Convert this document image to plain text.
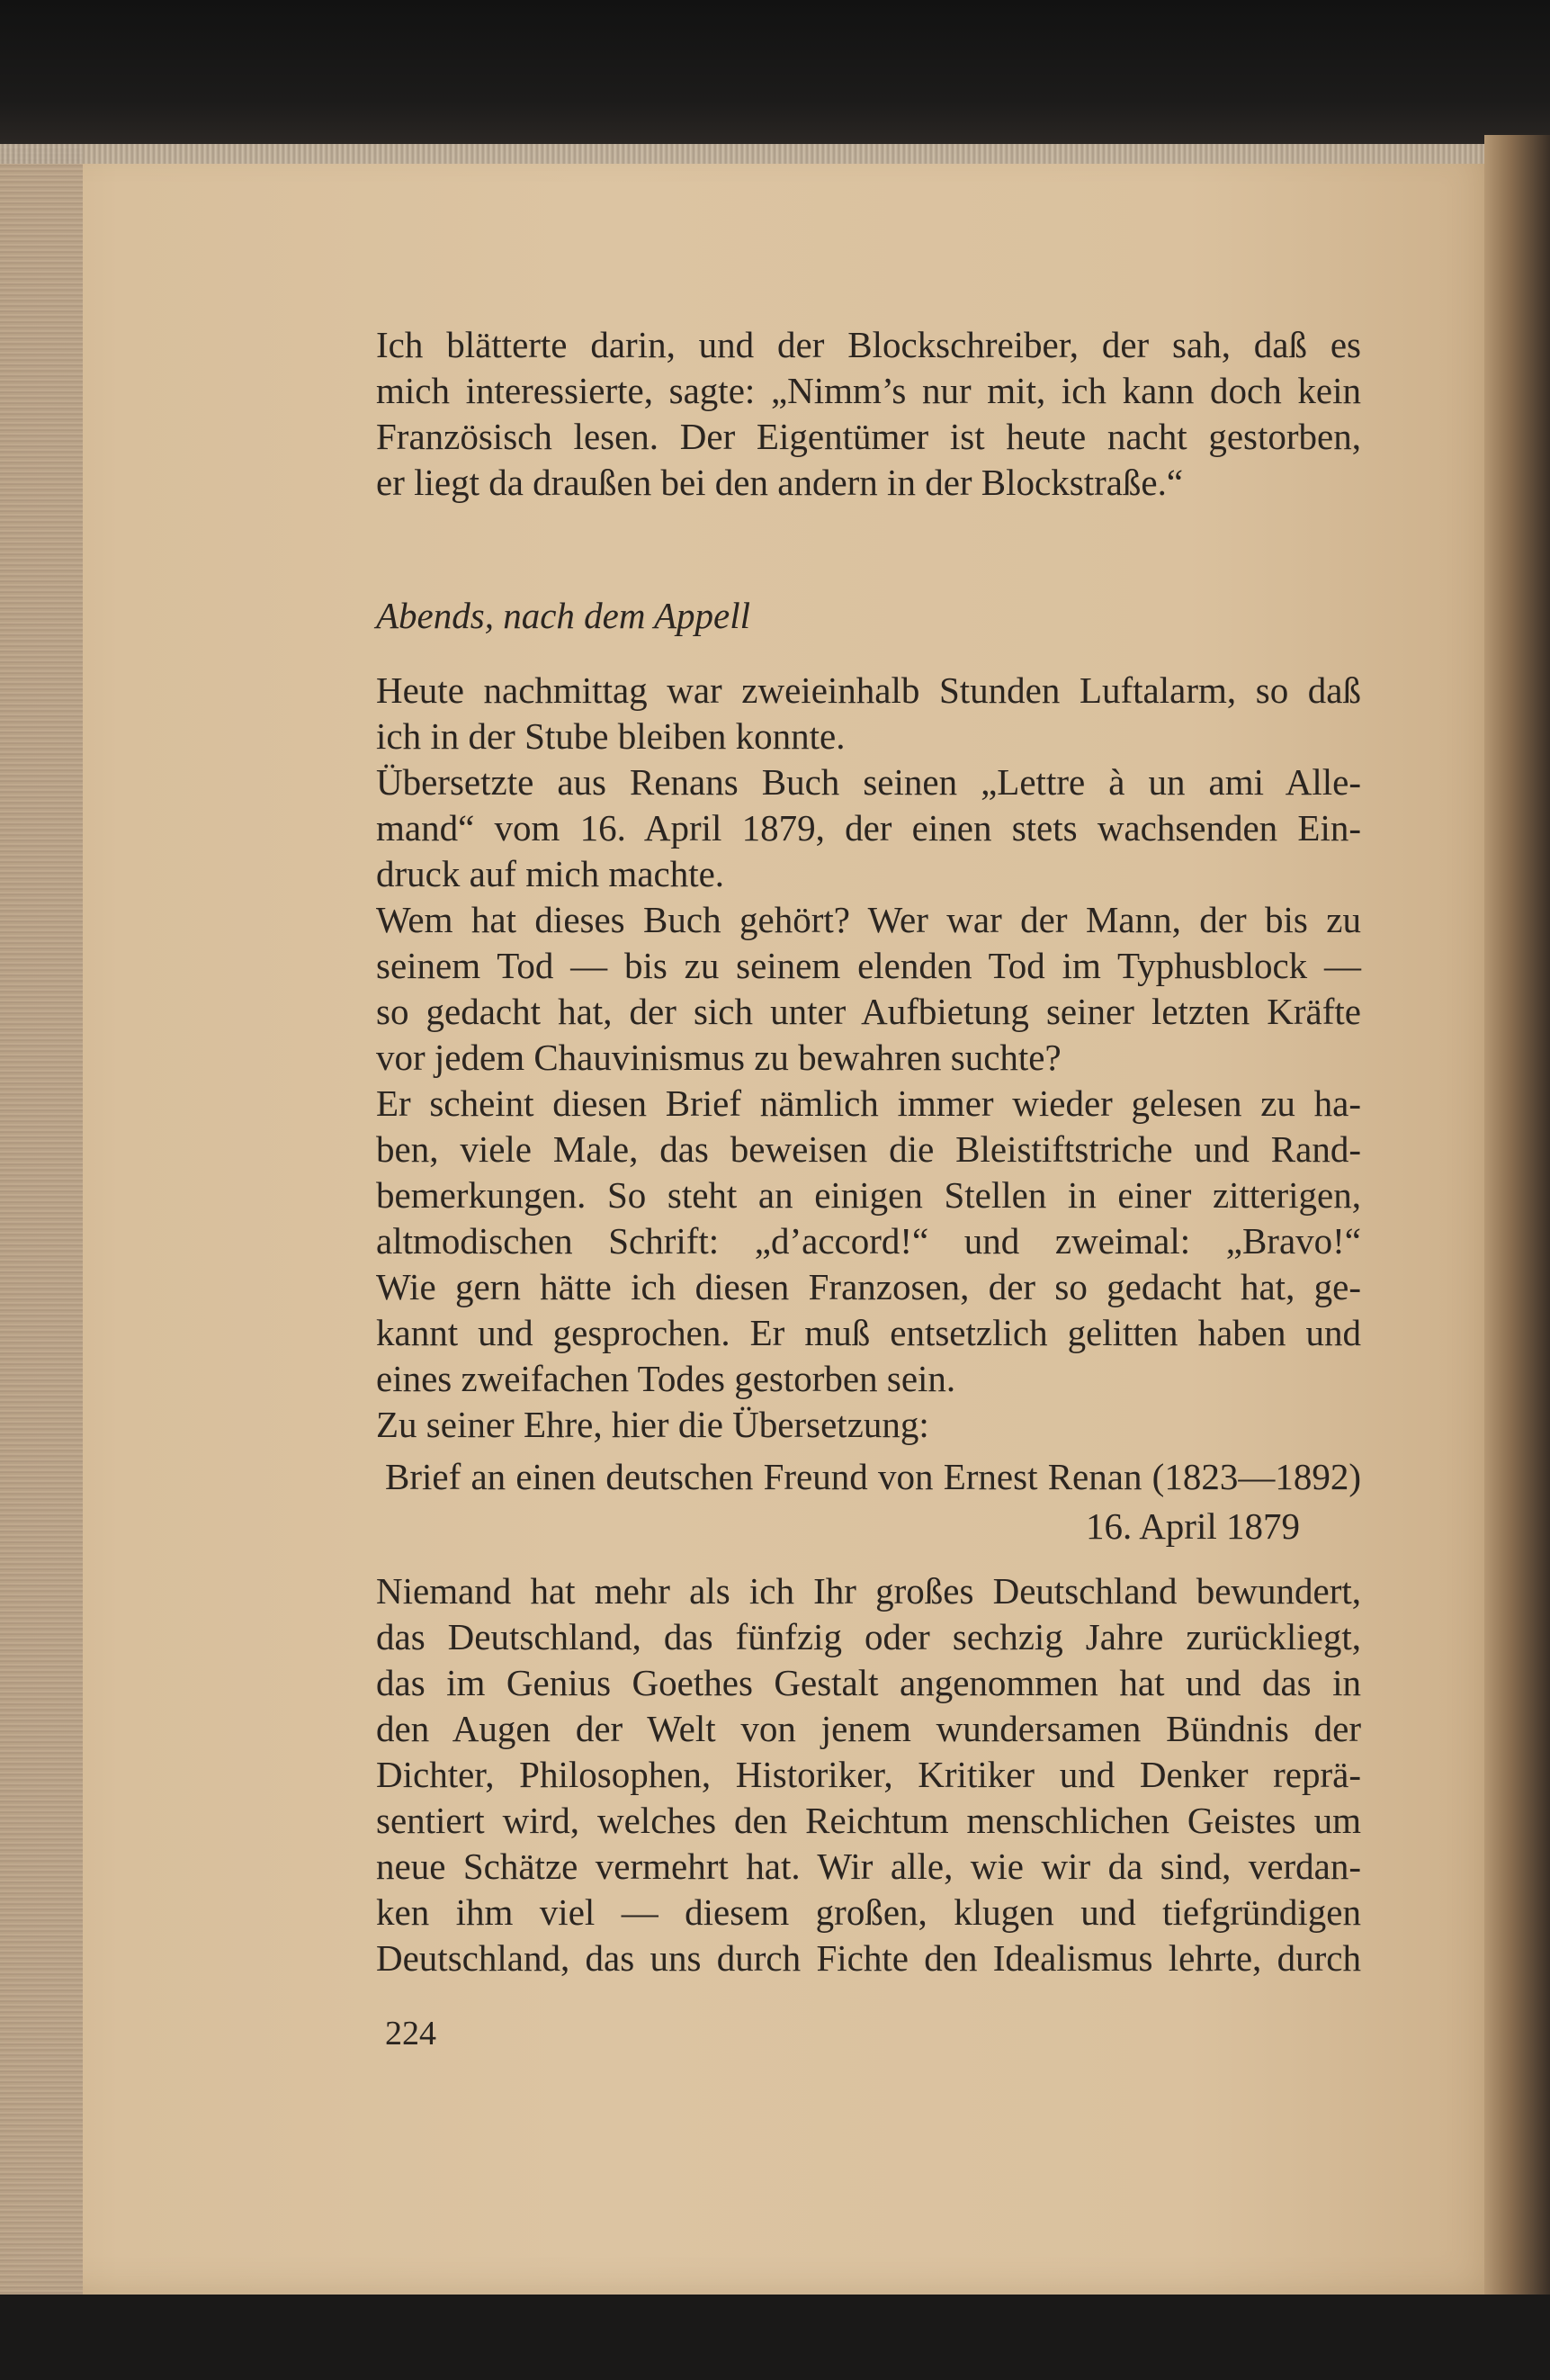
Ich blätterte darin, und der Blockschreiber, der sah, daß es
mich interessierte, sagte: „Nimm’s nur mit, ich kann doch kein
Französisch lesen. Der Eigentümer ist heute nacht gestorben,
er liegt da draußen bei den andern in der Blockstraße.“
Abends, nach dem Appell
Heute nachmittag war zweieinhalb Stunden Luftalarm, so daß
ich in der Stube bleiben konnte.
Übersetzte aus Renans Buch seinen „Lettre à un ami Alle-
mand“ vom 16. April 1879, der einen stets wachsenden Ein-
druck auf mich machte.
Wem hat dieses Buch gehört? Wer war der Mann, der bis zu
seinem Tod — bis zu seinem elenden Tod im Typhusblock —
so gedacht hat, der sich unter Aufbietung seiner letzten Kräfte
vor jedem Chauvinismus zu bewahren suchte?
Er scheint diesen Brief nämlich immer wieder gelesen zu ha-
ben, viele Male, das beweisen die Bleistiftstriche und Rand-
bemerkungen. So steht an einigen Stellen in einer zitterigen,
altmodischen Schrift: „d’accord!“ und zweimal: „Bravo!“
Wie gern hätte ich diesen Franzosen, der so gedacht hat, ge-
kannt und gesprochen. Er muß entsetzlich gelitten haben und
eines zweifachen Todes gestorben sein.
Zu seiner Ehre, hier die Übersetzung:
Brief an einen deutschen Freund von Ernest Renan (1823—1892)
16. April 1879
Niemand hat mehr als ich Ihr großes Deutschland bewundert,
das Deutschland, das fünfzig oder sechzig Jahre zurückliegt,
das im Genius Goethes Gestalt angenommen hat und das in
den Augen der Welt von jenem wundersamen Bündnis der
Dichter, Philosophen, Historiker, Kritiker und Denker reprä-
sentiert wird, welches den Reichtum menschlichen Geistes um
neue Schätze vermehrt hat. Wir alle, wie wir da sind, verdan-
ken ihm viel — diesem großen, klugen und tiefgründigen
Deutschland, das uns durch Fichte den Idealismus lehrte, durch
224
